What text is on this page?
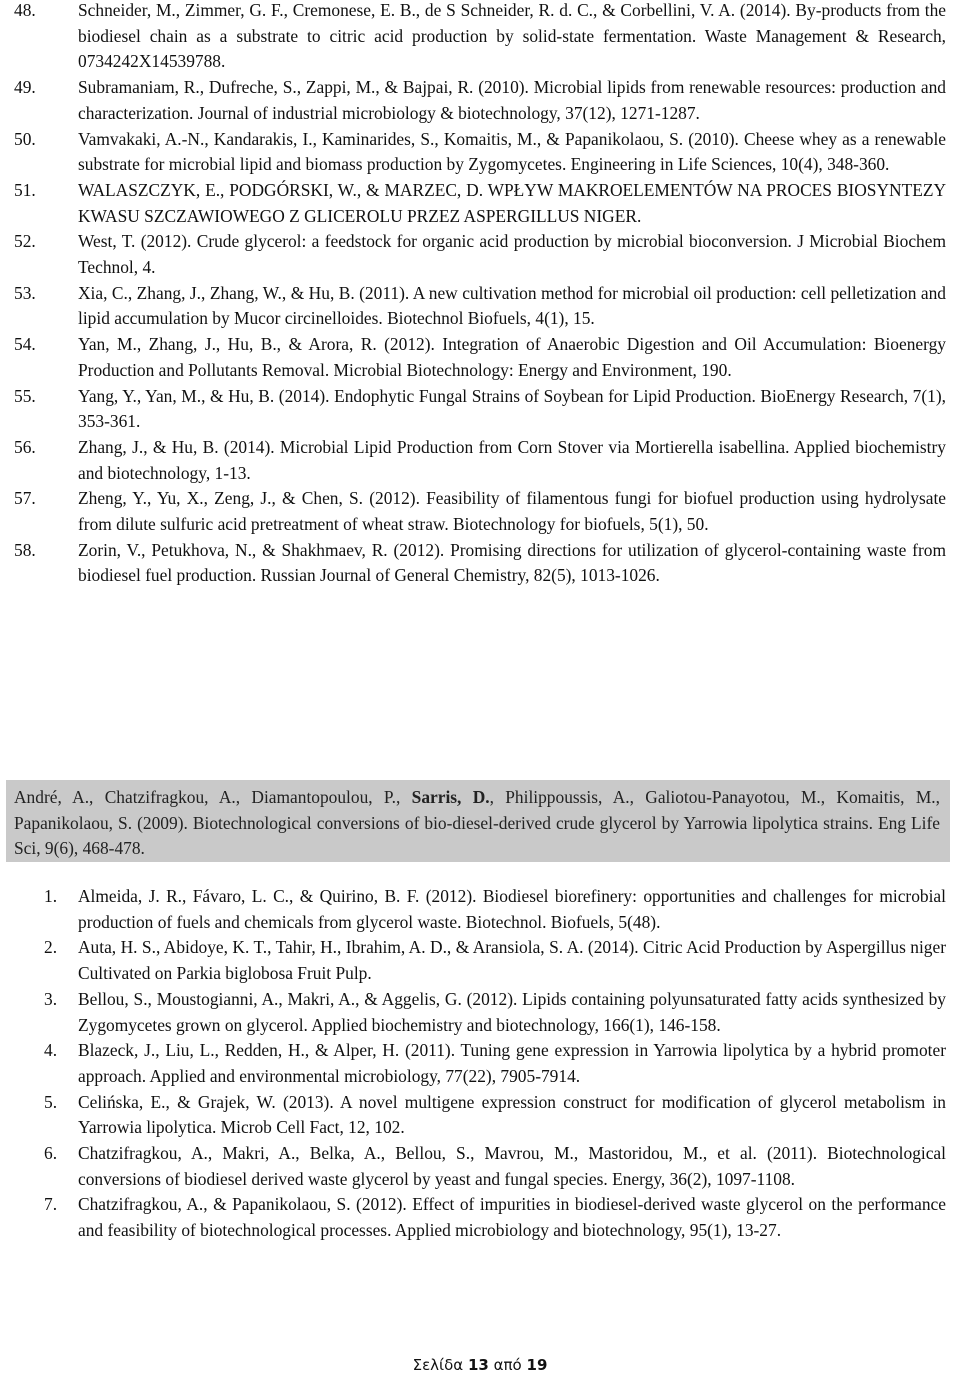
48. Schneider, M., Zimmer, G. F., Cremonese, E. B., de S Schneider, R. d. C., & Corbellini, V. A. (2014). By-products from the biodiesel chain as a substrate to citric acid production by solid-state fermentation. Waste Management & Research, 0734242X14539788.
49. Subramaniam, R., Dufreche, S., Zappi, M., & Bajpai, R. (2010). Microbial lipids from renewable resources: production and characterization. Journal of industrial microbiology & biotechnology, 37(12), 1271-1287.
50. Vamvakaki, A.-N., Kandarakis, I., Kaminarides, S., Komaitis, M., & Papanikolaou, S. (2010). Cheese whey as a renewable substrate for microbial lipid and biomass production by Zygomycetes. Engineering in Life Sciences, 10(4), 348-360.
51. WALASZCZYK, E., PODGÓRSKI, W., & MARZEC, D. WPŁYW MAKROELEMENTÓW NA PROCES BIOSYNTEZY KWASU SZCZAWIOWEGO Z GLICEROLU PRZEZ ASPERGILLUS NIGER.
52. West, T. (2012). Crude glycerol: a feedstock for organic acid production by microbial bioconversion. J Microbial Biochem Technol, 4.
53. Xia, C., Zhang, J., Zhang, W., & Hu, B. (2011). A new cultivation method for microbial oil production: cell pelletization and lipid accumulation by Mucor circinelloides. Biotechnol Biofuels, 4(1), 15.
54. Yan, M., Zhang, J., Hu, B., & Arora, R. (2012). Integration of Anaerobic Digestion and Oil Accumulation: Bioenergy Production and Pollutants Removal. Microbial Biotechnology: Energy and Environment, 190.
55. Yang, Y., Yan, M., & Hu, B. (2014). Endophytic Fungal Strains of Soybean for Lipid Production. BioEnergy Research, 7(1), 353-361.
56. Zhang, J., & Hu, B. (2014). Microbial Lipid Production from Corn Stover via Mortierella isabellina. Applied biochemistry and biotechnology, 1-13.
57. Zheng, Y., Yu, X., Zeng, J., & Chen, S. (2012). Feasibility of filamentous fungi for biofuel production using hydrolysate from dilute sulfuric acid pretreatment of wheat straw. Biotechnology for biofuels, 5(1), 50.
58. Zorin, V., Petukhova, N., & Shakhmaev, R. (2012). Promising directions for utilization of glycerol-containing waste from biodiesel fuel production. Russian Journal of General Chemistry, 82(5), 1013-1026.
André, A., Chatzifragkou, A., Diamantopoulou, P., Sarris, D., Philippoussis, A., Galiotou-Panayotou, M., Komaitis, M., Papanikolaou, S. (2009). Biotechnological conversions of bio-diesel-derived crude glycerol by Yarrowia lipolytica strains. Eng Life Sci, 9(6), 468-478.
1. Almeida, J. R., Fávaro, L. C., & Quirino, B. F. (2012). Biodiesel biorefinery: opportunities and challenges for microbial production of fuels and chemicals from glycerol waste. Biotechnol. Biofuels, 5(48).
2. Auta, H. S., Abidoye, K. T., Tahir, H., Ibrahim, A. D., & Aransiola, S. A. (2014). Citric Acid Production by Aspergillus niger Cultivated on Parkia biglobosa Fruit Pulp.
3. Bellou, S., Moustogianni, A., Makri, A., & Aggelis, G. (2012). Lipids containing polyunsaturated fatty acids synthesized by Zygomycetes grown on glycerol. Applied biochemistry and biotechnology, 166(1), 146-158.
4. Blazeck, J., Liu, L., Redden, H., & Alper, H. (2011). Tuning gene expression in Yarrowia lipolytica by a hybrid promoter approach. Applied and environmental microbiology, 77(22), 7905-7914.
5. Celińska, E., & Grajek, W. (2013). A novel multigene expression construct for modification of glycerol metabolism in Yarrowia lipolytica. Microb Cell Fact, 12, 102.
6. Chatzifragkou, A., Makri, A., Belka, A., Bellou, S., Mavrou, M., Mastoridou, M., et al. (2011). Biotechnological conversions of biodiesel derived waste glycerol by yeast and fungal species. Energy, 36(2), 1097-1108.
7. Chatzifragkou, A., & Papanikolaou, S. (2012). Effect of impurities in biodiesel-derived waste glycerol on the performance and feasibility of biotechnological processes. Applied microbiology and biotechnology, 95(1), 13-27.
Σελίδα 13 από 19
